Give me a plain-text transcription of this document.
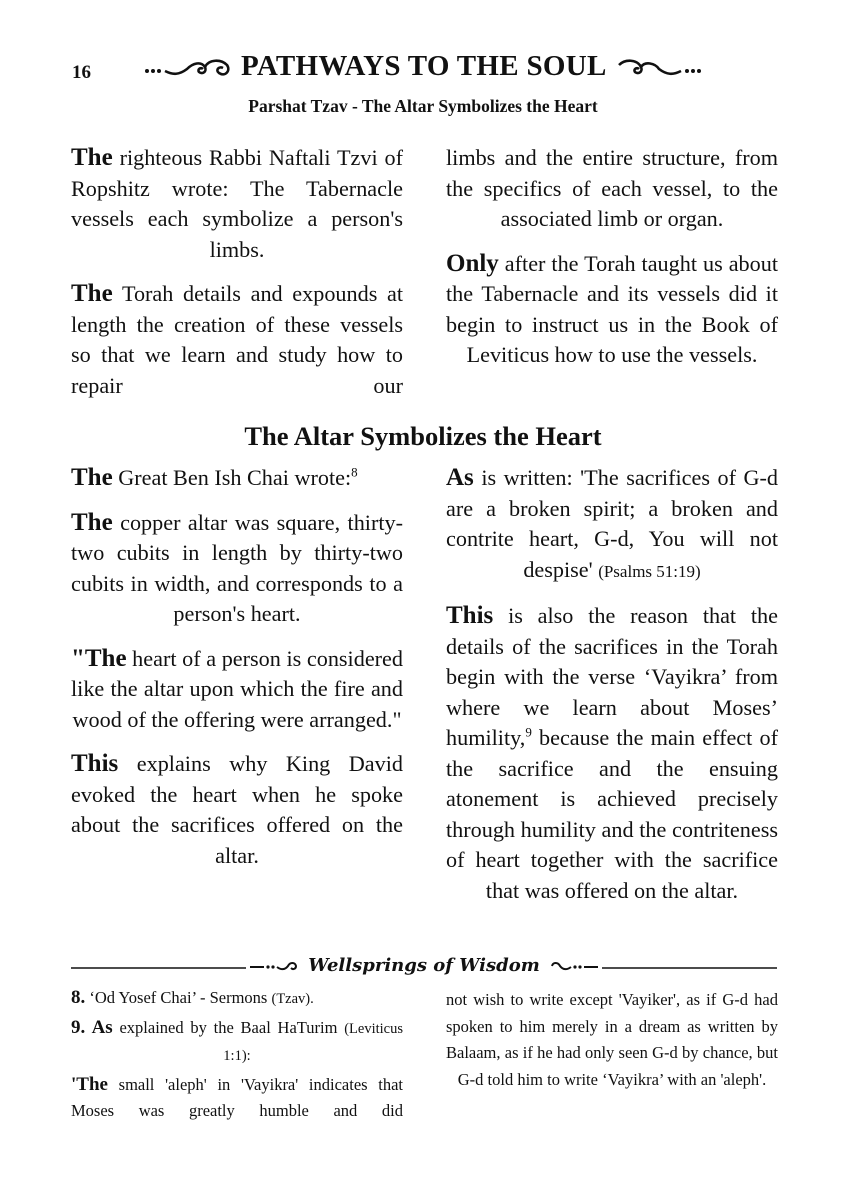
16	PATHWAYS TO THE SOUL
Parshat Tzav - The Altar Symbolizes the Heart

The righteous Rabbi Naftali Tzvi of Ropshitz wrote: The Tabernacle vessels each symbolize a person's limbs.

The Torah details and expounds at length the creation of these vessels so that we learn and study how to repair our

limbs and the entire structure, from the specifics of each vessel, to the associated limb or organ.

Only after the Torah taught us about the Tabernacle and its vessels did it begin to instruct us in the Book of Leviticus how to use the vessels.

The Altar Symbolizes the Heart

The Great Ben Ish Chai wrote:$^8$

The copper altar was square, thirty-two cubits in length by thirty-two cubits in width, and corresponds to a person's heart.

"The heart of a person is considered like the altar upon which the fire and wood of the offering were arranged."

This explains why King David evoked the heart when he spoke about the sacrifices offered on the altar.

As is written: 'The sacrifices of G-d are a broken spirit; a broken and contrite heart, G-d, You will not despise' (Psalms 51:19)

This is also the reason that the details of the sacrifices in the Torah begin with the verse ‘Vayikra’ from where we learn about Moses’ humility,$^9$ because the main effect of the sacrifice and the ensuing atonement is achieved precisely through humility and the contriteness of heart together with the sacrifice that was offered on the altar.

Wellsprings of Wisdom

8. ‘Od Yosef Chai’ - Sermons (Tzav).

9. As explained by the Baal HaTurim (Leviticus 1:1):

'The small 'aleph' in 'Vayikra' indicates that Moses was greatly humble and did

not wish to write except 'Vayiker', as if G-d had spoken to him merely in a dream as written by Balaam, as if he had only seen G-d by chance, but G-d told him to write ‘Vayikra’ with an 'aleph'.
